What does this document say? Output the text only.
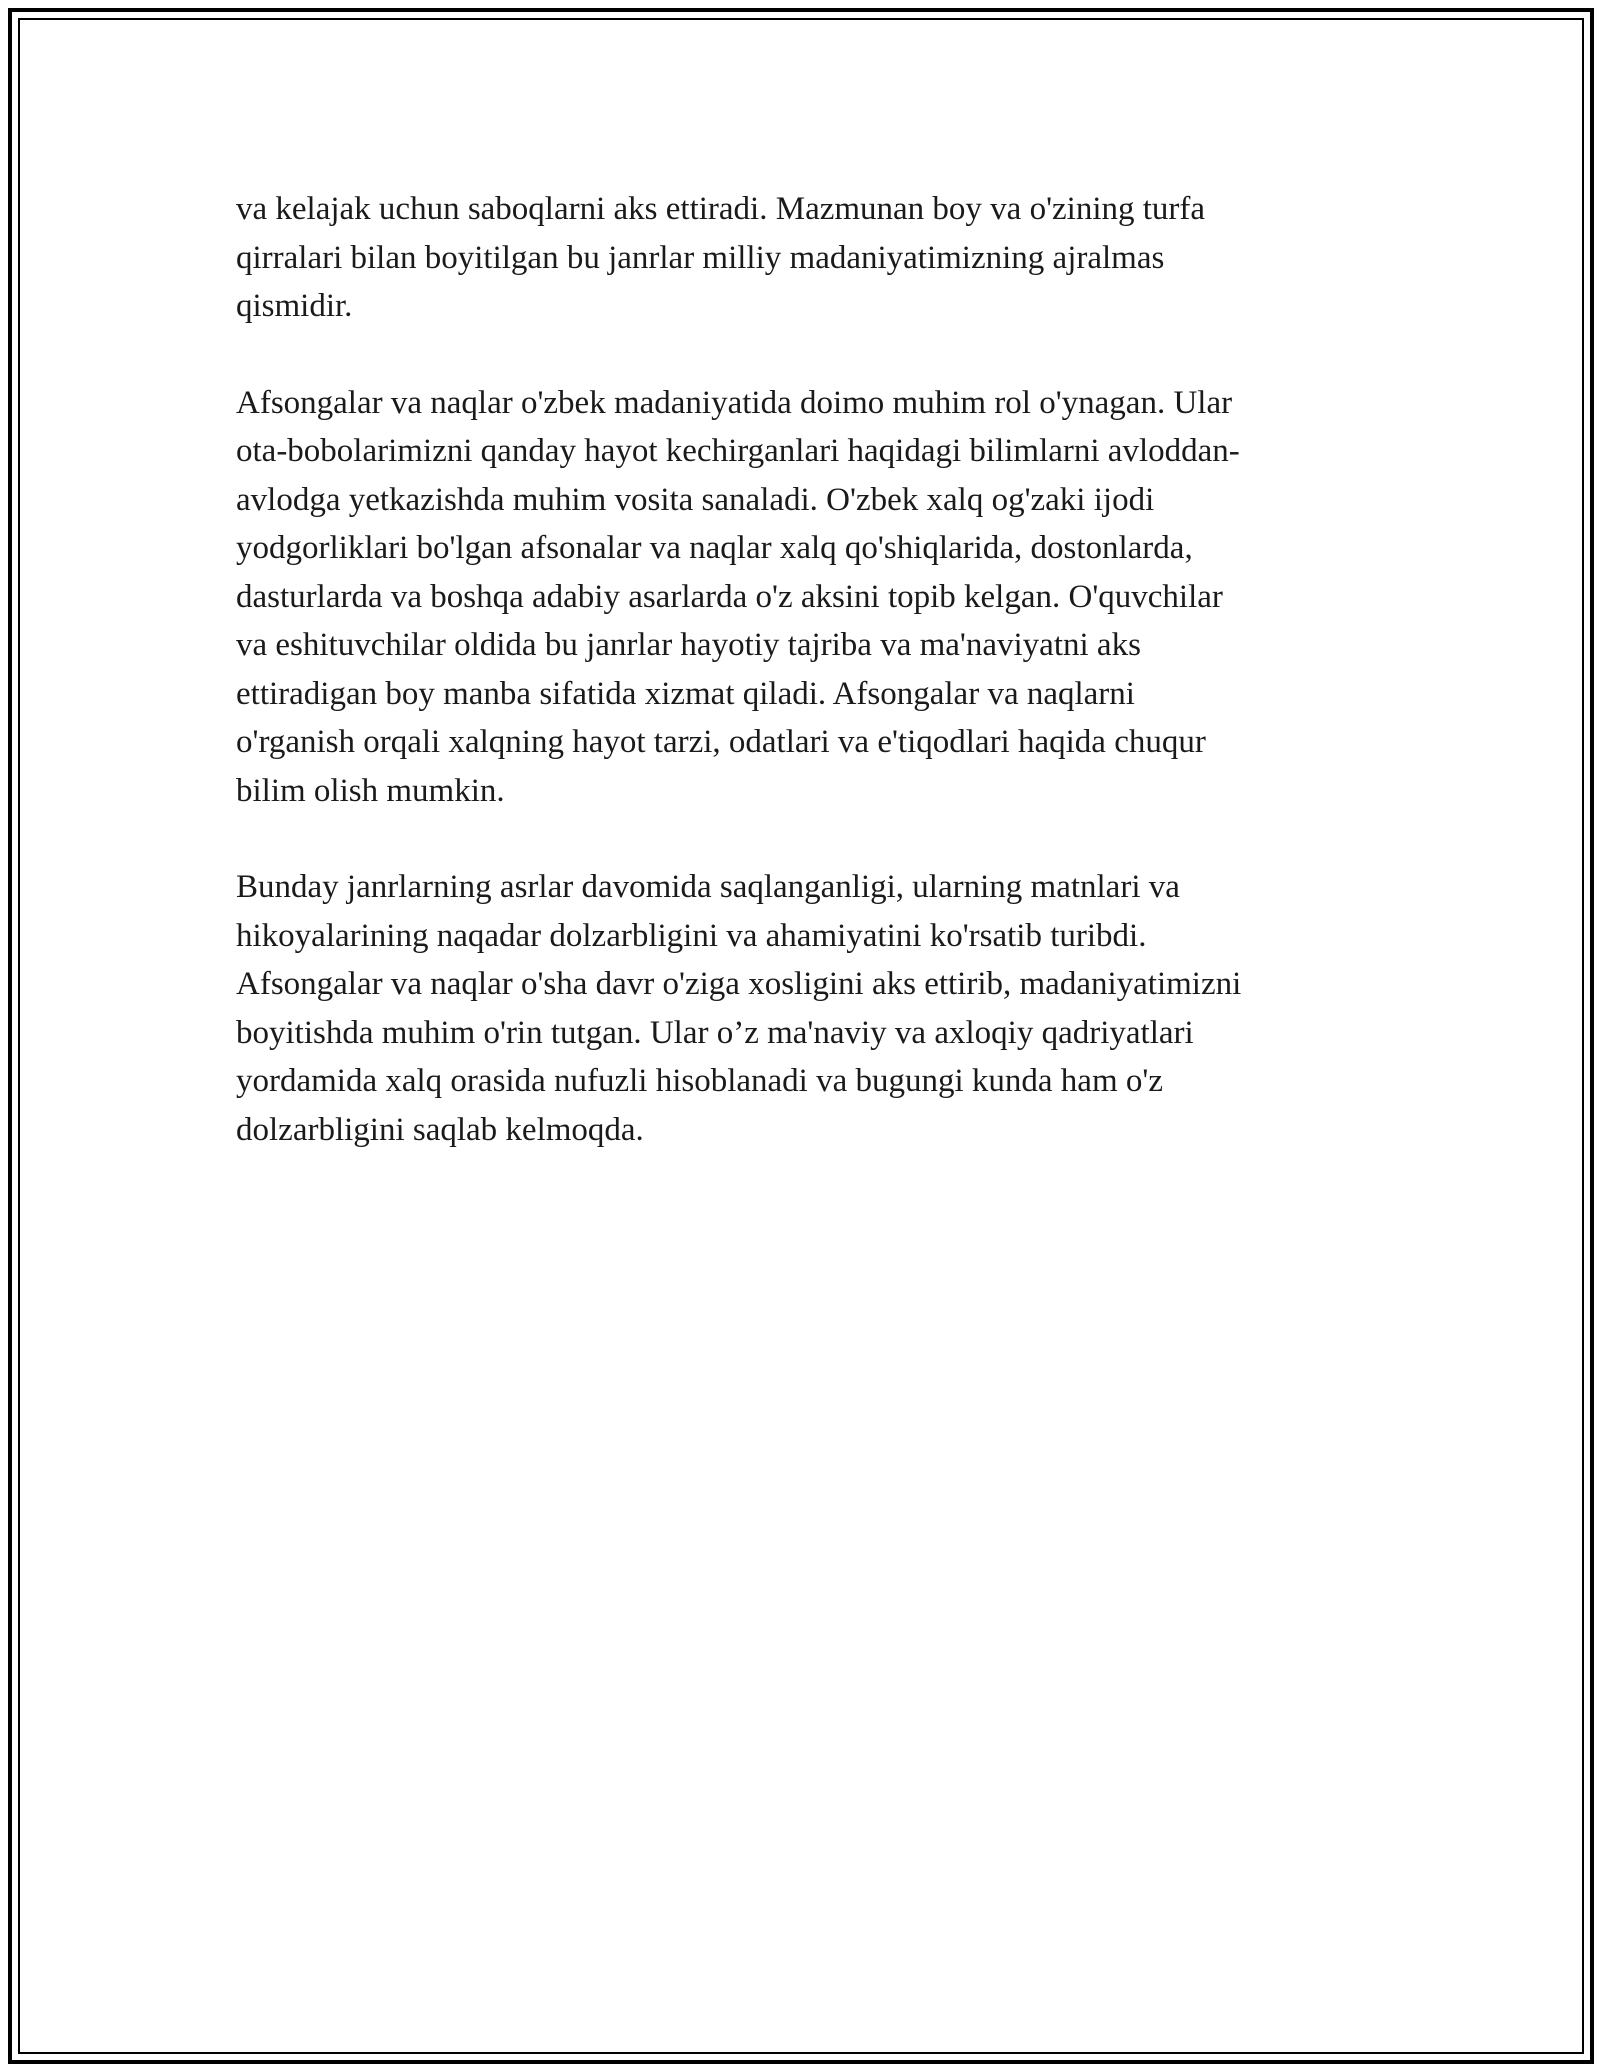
va kelajak uchun saboqlarni aks ettiradi. Mazmunan boy va o'zining turfa
qirralari bilan boyitilgan bu janrlar milliy madaniyatimizning ajralmas
qismidir.

Afsongalar va naqlar o'zbek madaniyatida doimo muhim rol o'ynagan. Ular
ota-bobolarimizni qanday hayot kechirganlari haqidagi bilimlarni avloddan-
avlodga yetkazishda muhim vosita sanaladi. O'zbek xalq og'zaki ijodi
yodgorliklari bo'lgan afsonalar va naqlar xalq qo'shiqlarida, dostonlarda,
dasturlarda va boshqa adabiy asarlarda o'z aksini topib kelgan. O'quvchilar
va eshituvchilar oldida bu janrlar hayotiy tajriba va ma'naviyatni aks
ettiradigan boy manba sifatida xizmat qiladi. Afsongalar va naqlarni
o'rganish orqali xalqning hayot tarzi, odatlari va e'tiqodlari haqida chuqur
bilim olish mumkin.

Bunday janrlarning asrlar davomida saqlanganligi, ularning matnlari va
hikoyalarining naqadar dolzarbligini va ahamiyatini ko'rsatib turibdi.
Afsongalar va naqlar o'sha davr o'ziga xosligini aks ettirib, madaniyatimizni
boyitishda muhim o'rin tutgan. Ular o’z ma'naviy va axloqiy qadriyatlari
yordamida xalq orasida nufuzli hisoblanadi va bugungi kunda ham o'z
dolzarbligini saqlab kelmoqda.
